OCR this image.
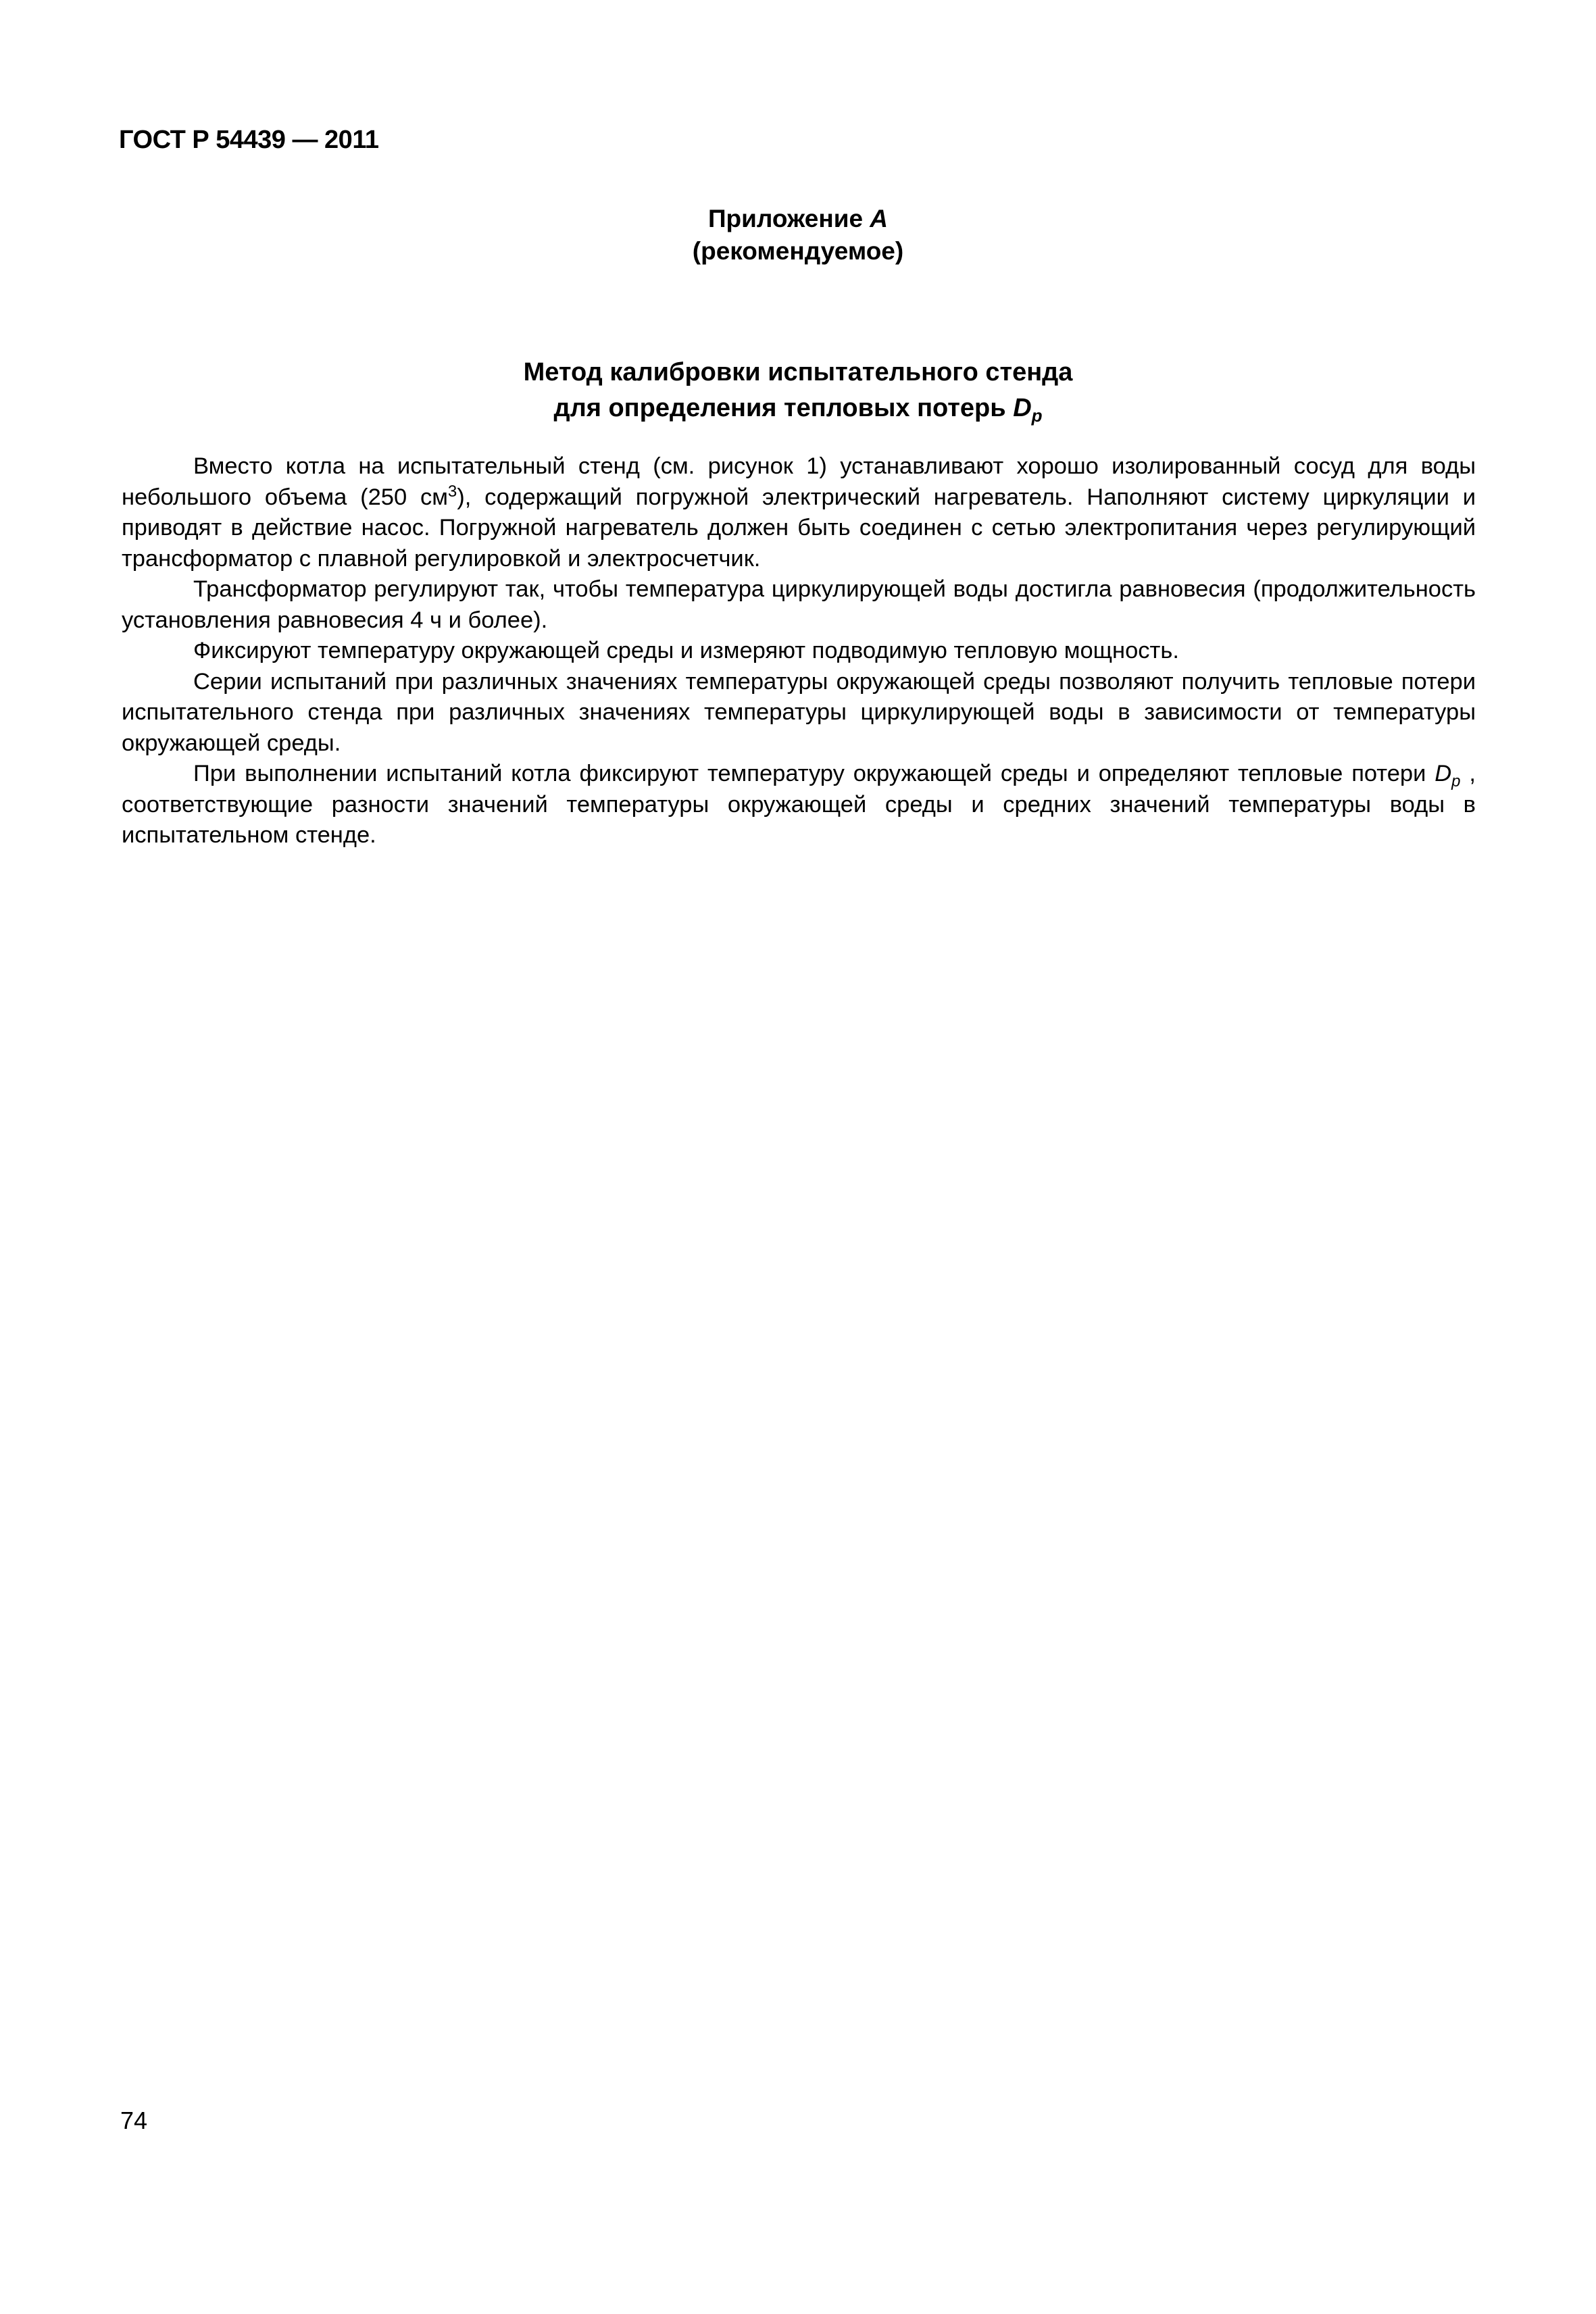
ГОСТ Р 54439 — 2011
Приложение А
(рекомендуемое)
Метод калибровки испытательного стенда
для определения тепловых потерь $D_p$

Вместо котла на испытательный стенд (см. рисунок 1) устанавливают хорошо изолированный сосуд для воды небольшого объема (250 $см^3$), содержащий погружной электрический нагреватель. Наполняют систему циркуляции и приводят в действие насос. Погружной нагреватель должен быть соединен с сетью электропитания через регулирующий трансформатор с плавной регулировкой и электросчетчик.

Трансформатор регулируют так, чтобы температура циркулирующей воды достигла равновесия (продолжительность установления равновесия 4 ч и более).

Фиксируют температуру окружающей среды и измеряют подводимую тепловую мощность.

Серии испытаний при различных значениях температуры окружающей среды позволяют получить тепловые потери испытательного стенда при различных значениях температуры циркулирующей воды в зависимости от температуры окружающей среды.

При выполнении испытаний котла фиксируют температуру окружающей среды и определяют тепловые потери $D_p$ , соответствующие разности значений температуры окружающей среды и средних значений температуры воды в испытательном стенде.

74
